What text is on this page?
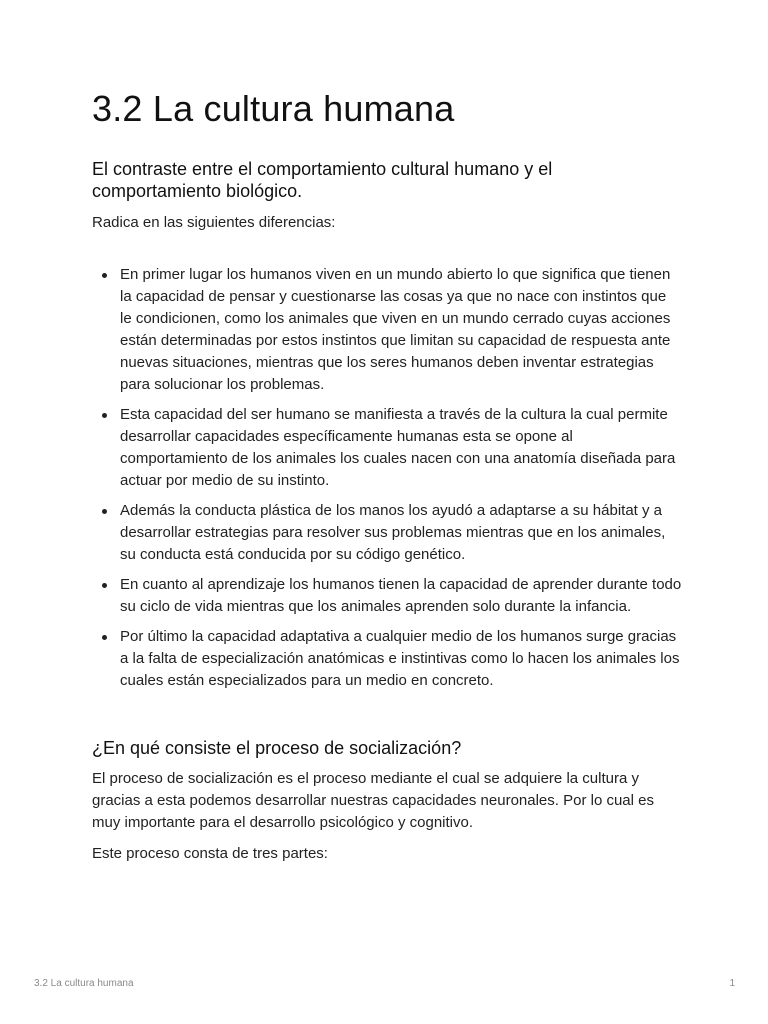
3.2 La cultura humana
El contraste entre el comportamiento cultural humano y el comportamiento biológico.

Radica en las siguientes diferencias:

En primer lugar los humanos viven en un mundo abierto lo que significa que tienen la capacidad de pensar y cuestionarse las cosas ya que no nace con instintos que le condicionen, como los animales que viven en un mundo cerrado cuyas acciones están determinadas por estos instintos que limitan su capacidad de respuesta ante nuevas situaciones, mientras que los seres humanos deben inventar estrategias para solucionar los problemas.
Esta capacidad del ser humano se manifiesta a través de la cultura la cual permite desarrollar capacidades específicamente humanas esta se opone al comportamiento de los animales los cuales nacen con una anatomía diseñada para actuar por medio de su instinto.
Además la conducta plástica de los manos los ayudó a adaptarse a su hábitat y a desarrollar estrategias para resolver sus problemas mientras que en los animales, su conducta está conducida por su código genético.
En cuanto al aprendizaje los humanos tienen la capacidad de aprender durante todo su ciclo de vida mientras que los animales aprenden solo durante la infancia.
Por último la capacidad adaptativa a cualquier medio de los humanos surge gracias a la falta de especialización anatómicas e instintivas como lo hacen los animales los cuales están especializados para un medio en concreto.
¿En qué consiste el proceso de socialización?

El proceso de socialización es el proceso mediante el cual se adquiere la cultura y gracias a esta podemos desarrollar nuestras capacidades neuronales. Por lo cual es muy importante para el desarrollo psicológico y cognitivo.

Este proceso consta de tres partes:

3.2 La cultura humana	1
